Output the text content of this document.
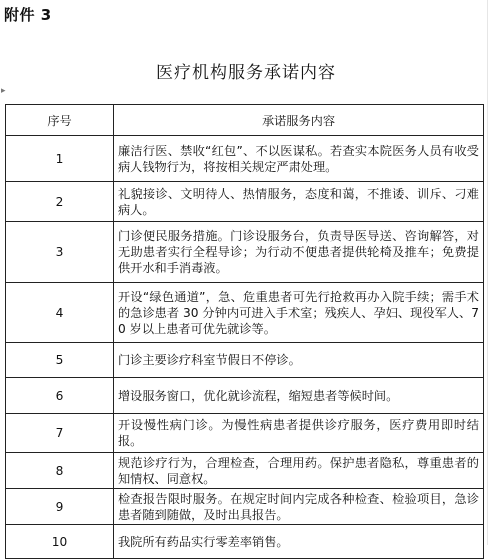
附件 3
医疗机构服务承诺内容
▸
序号	承诺服务内容
1	廉洁行医、禁收“红包”、不以医谋私。若查实本院医务人员有收受病人钱物行为，将按相关规定严肃处理。
2	礼貌接诊、文明待人、热情服务，态度和蔼，不推诿、训斥、刁难病人。
3	门诊便民服务措施。门诊设服务台，负责导医导送、咨询解答，对无助患者实行全程导诊；为行动不便患者提供轮椅及推车；免费提供开水和手消毒液。
4	开设“绿色通道”，急、危重患者可先行抢救再办入院手续；需手术的急诊患者 30 分钟内可进入手术室；残疾人、孕妇、现役军人、70 岁以上患者可优先就诊等。
5	门诊主要诊疗科室节假日不停诊。
6	增设服务窗口，优化就诊流程，缩短患者等候时间。
7	开设慢性病门诊。为慢性病患者提供诊疗服务，医疗费用即时结报。
8	规范诊疗行为，合理检查，合理用药。保护患者隐私，尊重患者的知情权、同意权。
9	检查报告限时服务。在规定时间内完成各种检查、检验项目，急诊患者随到随做，及时出具报告。
10	我院所有药品实行零差率销售。
